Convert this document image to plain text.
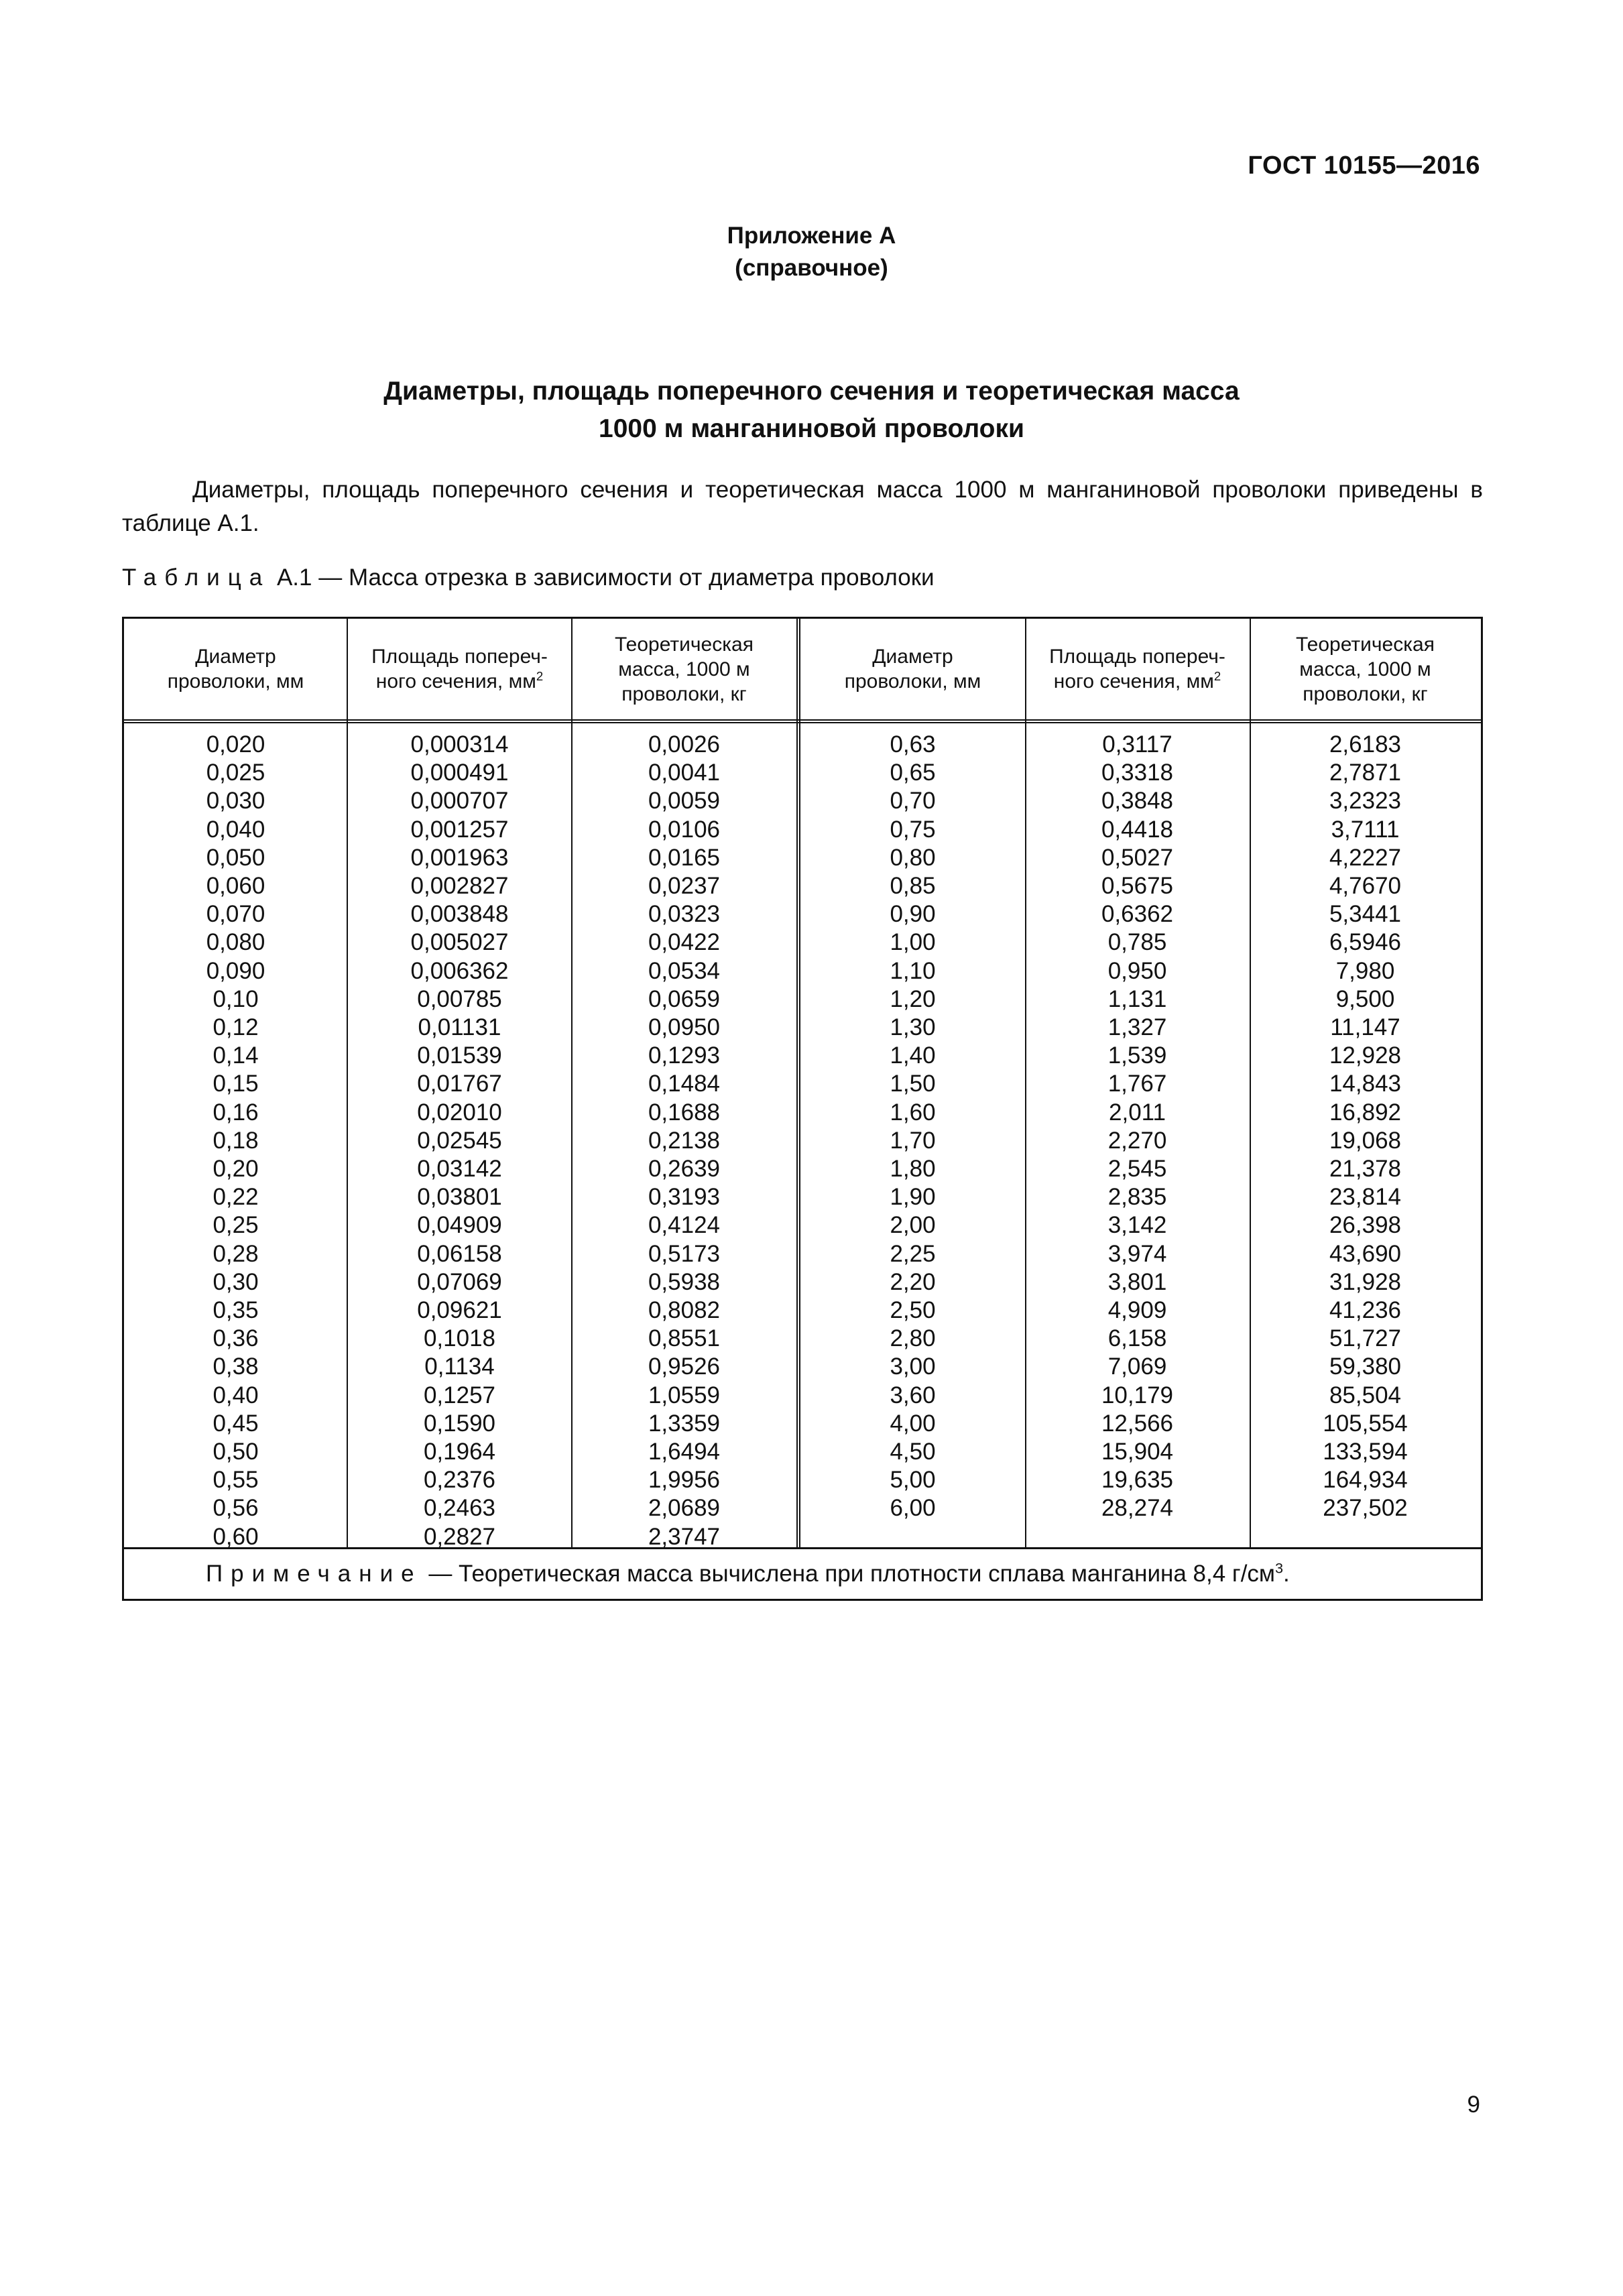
ГОСТ 10155—2016
Приложение А
(справочное)
Диаметры, площадь поперечного сечения и теоретическая масса
1000 м манганиновой проволоки
Диаметры, площадь поперечного сечения и теоретическая масса 1000 м манганиновой проволоки приведены в таблице А.1.
Таблица А.1 — Масса отрезка в зависимости от диаметра проволоки
Диаметр
проволоки, мм
Площадь попереч-
ного сечения, $мм^2$
Теоретическая
масса, 1000 м
проволоки, кг
Диаметр
проволоки, мм
Площадь попереч-
ного сечения, $мм^2$
Теоретическая
масса, 1000 м
проволоки, кг
0,020
0,025
0,030
0,040
0,050
0,060
0,070
0,080
0,090
0,10
0,12
0,14
0,15
0,16
0,18
0,20
0,22
0,25
0,28
0,30
0,35
0,36
0,38
0,40
0,45
0,50
0,55
0,56
0,60
0,000314
0,000491
0,000707
0,001257
0,001963
0,002827
0,003848
0,005027
0,006362
0,00785
0,01131
0,01539
0,01767
0,02010
0,02545
0,03142
0,03801
0,04909
0,06158
0,07069
0,09621
0,1018
0,1134
0,1257
0,1590
0,1964
0,2376
0,2463
0,2827
0,0026
0,0041
0,0059
0,0106
0,0165
0,0237
0,0323
0,0422
0,0534
0,0659
0,0950
0,1293
0,1484
0,1688
0,2138
0,2639
0,3193
0,4124
0,5173
0,5938
0,8082
0,8551
0,9526
1,0559
1,3359
1,6494
1,9956
2,0689
2,3747
0,63
0,65
0,70
0,75
0,80
0,85
0,90
1,00
1,10
1,20
1,30
1,40
1,50
1,60
1,70
1,80
1,90
2,00
2,25
2,20
2,50
2,80
3,00
3,60
4,00
4,50
5,00
6,00
0,3117
0,3318
0,3848
0,4418
0,5027
0,5675
0,6362
0,785
0,950
1,131
1,327
1,539
1,767
2,011
2,270
2,545
2,835
3,142
3,974
3,801
4,909
6,158
7,069
10,179
12,566
15,904
19,635
28,274
2,6183
2,7871
3,2323
3,7111
4,2227
4,7670
5,3441
6,5946
7,980
9,500
11,147
12,928
14,843
16,892
19,068
21,378
23,814
26,398
43,690
31,928
41,236
51,727
59,380
85,504
105,554
133,594
164,934
237,502
Примечание — Теоретическая масса вычислена при плотности сплава манганина 8,4 $г/см^3$.
9
